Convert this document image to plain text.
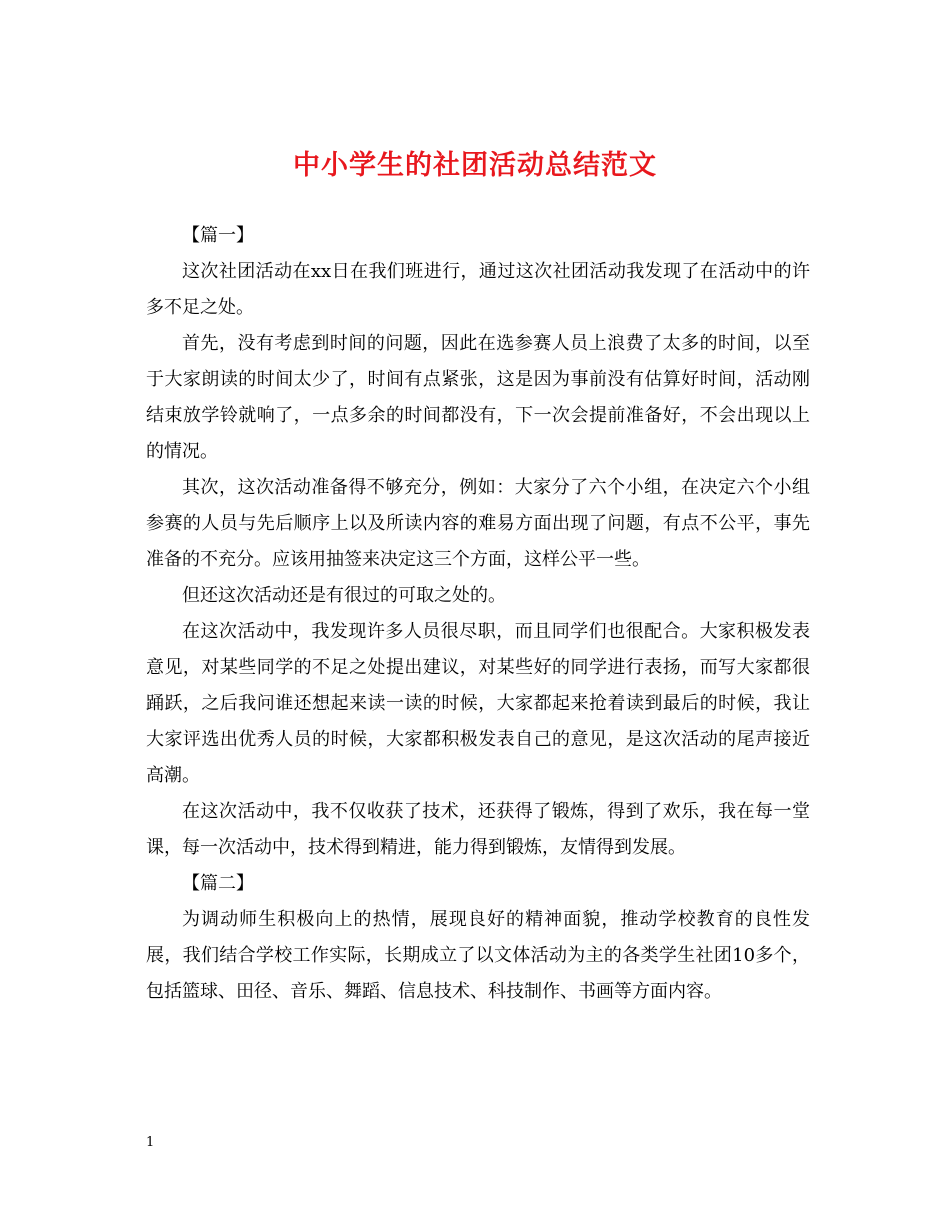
中小学生的社团活动总结范文

【篇一】

这次社团活动在xx日在我们班进行，通过这次社团活动我发现了在活动中的许多不足之处。

首先，没有考虑到时间的问题，因此在选参赛人员上浪费了太多的时间，以至于大家朗读的时间太少了，时间有点紧张，这是因为事前没有估算好时间，活动刚结束放学铃就响了，一点多余的时间都没有，下一次会提前准备好，不会出现以上的情况。

其次，这次活动准备得不够充分，例如：大家分了六个小组，在决定六个小组参赛的人员与先后顺序上以及所读内容的难易方面出现了问题，有点不公平，事先准备的不充分。应该用抽签来决定这三个方面，这样公平一些。

但还这次活动还是有很过的可取之处的。

在这次活动中，我发现许多人员很尽职，而且同学们也很配合。大家积极发表意见，对某些同学的不足之处提出建议，对某些好的同学进行表扬，而写大家都很踊跃，之后我问谁还想起来读一读的时候，大家都起来抢着读到最后的时候，我让大家评选出优秀人员的时候，大家都积极发表自己的意见，是这次活动的尾声接近高潮。

在这次活动中，我不仅收获了技术，还获得了锻炼，得到了欢乐，我在每一堂课，每一次活动中，技术得到精进，能力得到锻炼，友情得到发展。

【篇二】

为调动师生积极向上的热情，展现良好的精神面貌，推动学校教育的良性发展，我们结合学校工作实际，长期成立了以文体活动为主的各类学生社团10多个，包括篮球、田径、音乐、舞蹈、信息技术、科技制作、书画等方面内容。

1
